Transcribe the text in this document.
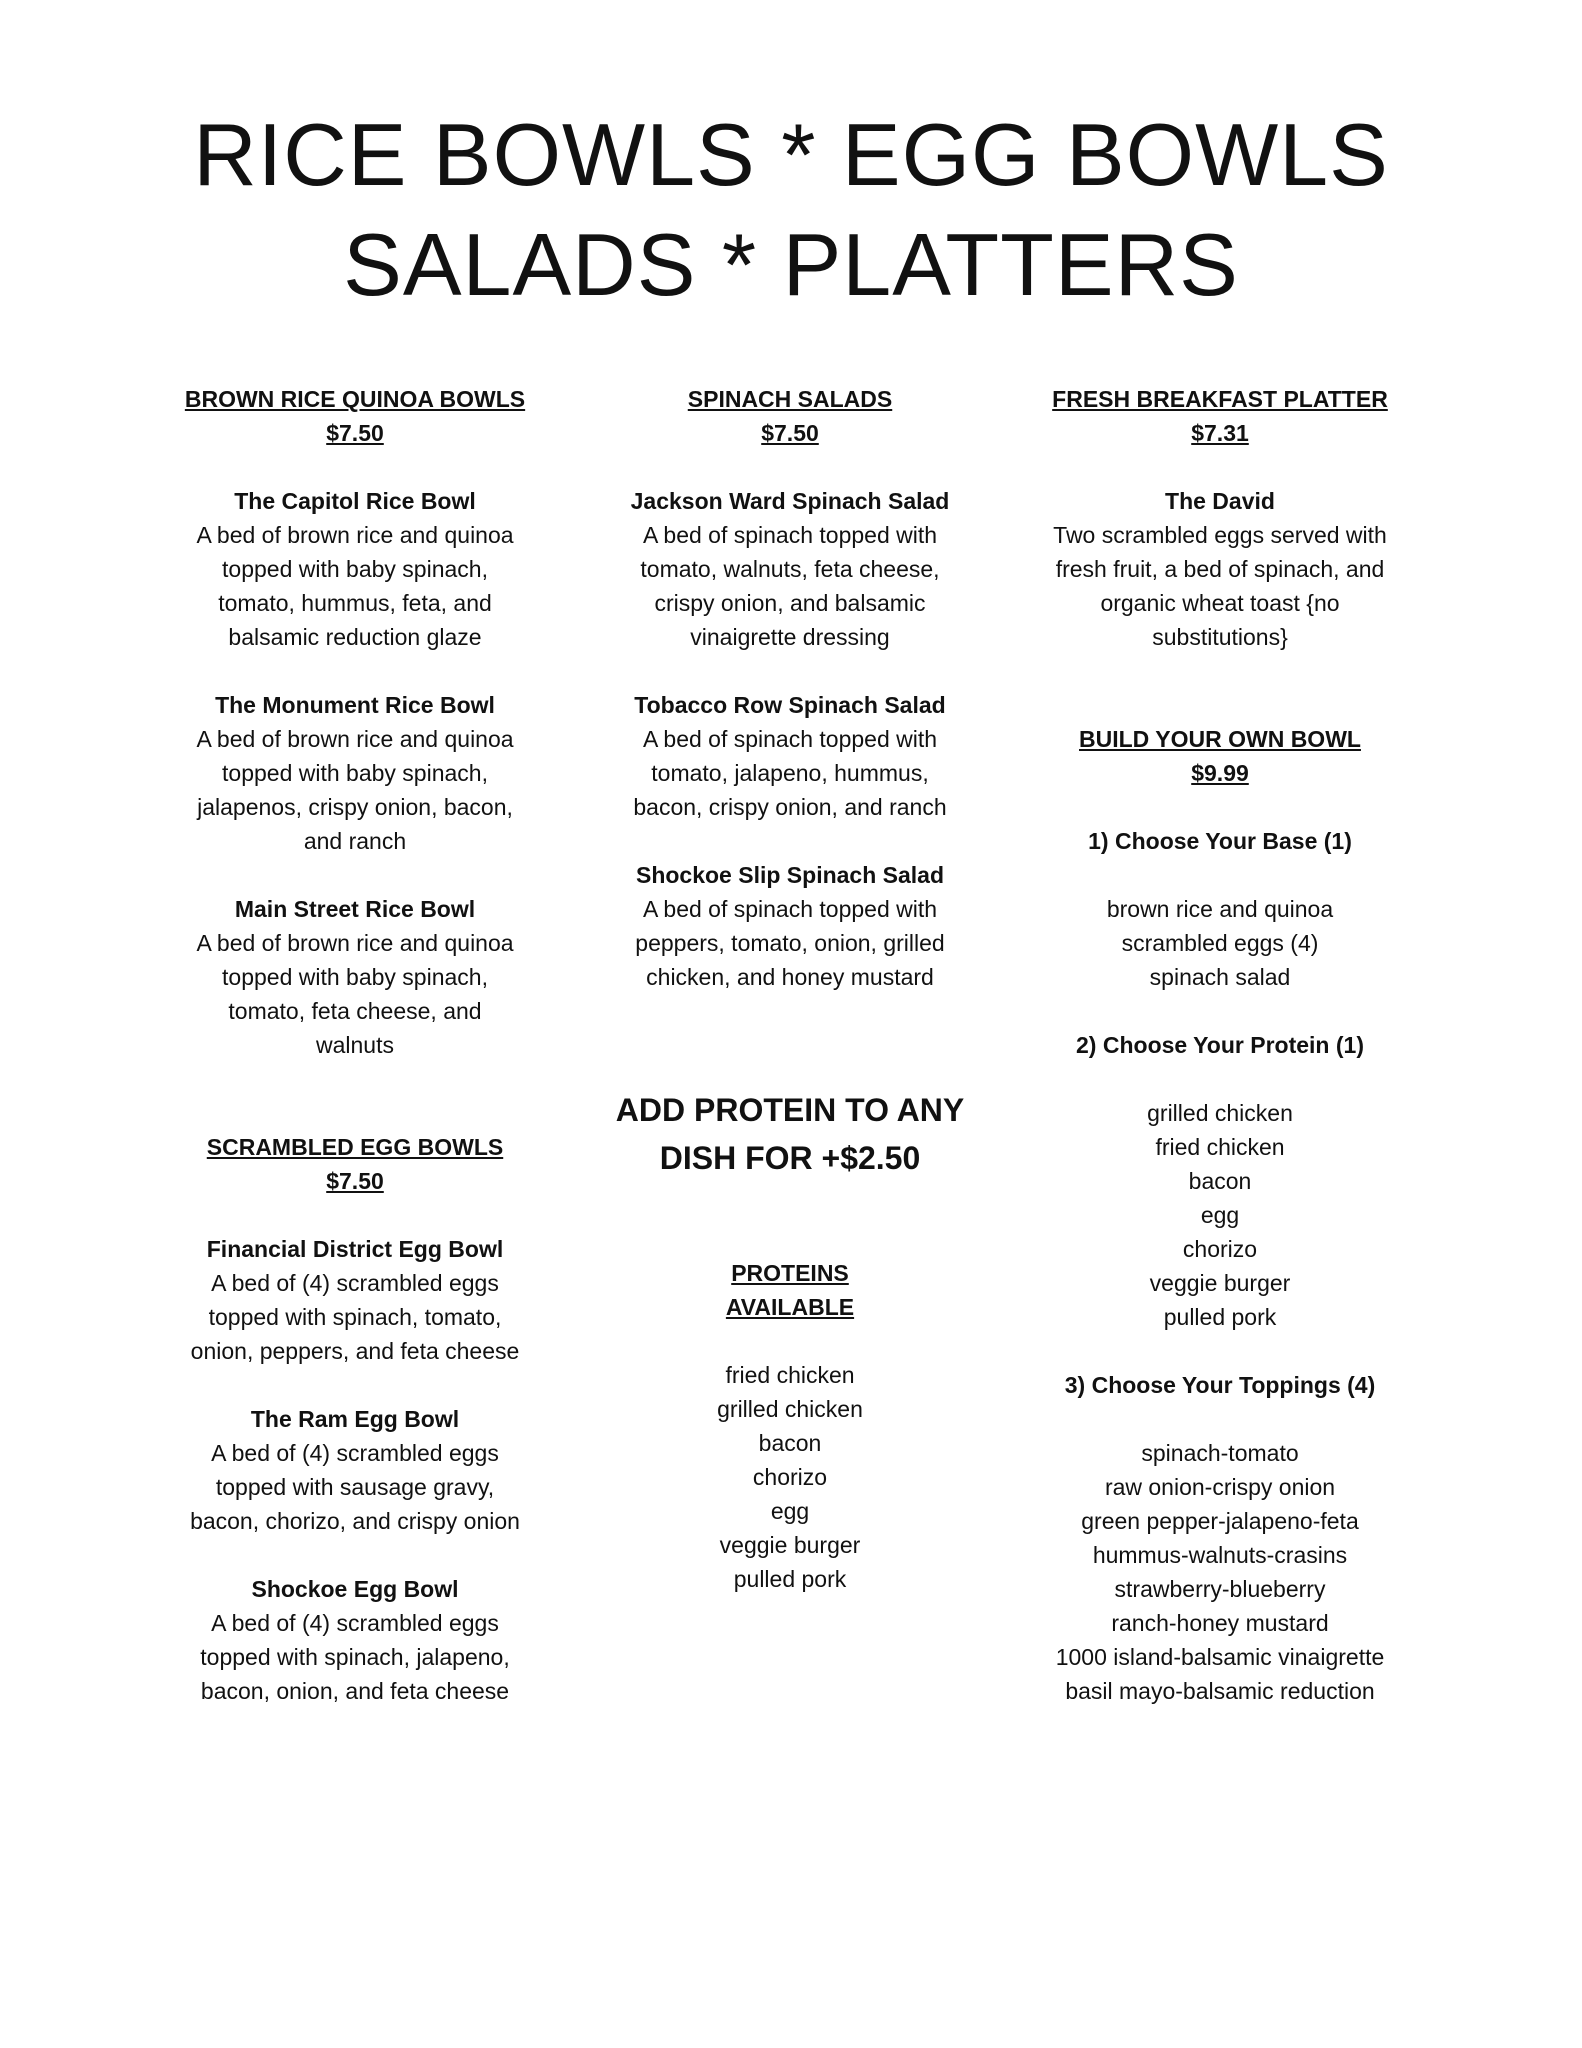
RICE BOWLS * EGG BOWLS
SALADS * PLATTERS
BROWN RICE QUINOA BOWLS
$7.50
The Capitol Rice Bowl
A bed of brown rice and quinoa
topped with baby spinach,
tomato, hummus, feta, and
balsamic reduction glaze
The Monument Rice Bowl
A bed of brown rice and quinoa
topped with baby spinach,
jalapenos, crispy onion, bacon,
and ranch
Main Street Rice Bowl
A bed of brown rice and quinoa
topped with baby spinach,
tomato, feta cheese, and
walnuts
SCRAMBLED EGG BOWLS
$7.50
Financial District Egg Bowl
A bed of (4) scrambled eggs
topped with spinach, tomato,
onion, peppers, and feta cheese
The Ram Egg Bowl
A bed of (4) scrambled eggs
topped with sausage gravy,
bacon, chorizo, and crispy onion
Shockoe Egg Bowl
A bed of (4) scrambled eggs
topped with spinach, jalapeno,
bacon, onion, and feta cheese
SPINACH SALADS
$7.50
Jackson Ward Spinach Salad
A bed of spinach topped with
tomato, walnuts, feta cheese,
crispy onion, and balsamic
vinaigrette dressing
Tobacco Row Spinach Salad
A bed of spinach topped with
tomato, jalapeno, hummus,
bacon, crispy onion, and ranch
Shockoe Slip Spinach Salad
A bed of spinach topped with
peppers, tomato, onion, grilled
chicken, and honey mustard
ADD PROTEIN TO ANY
DISH FOR +$2.50
PROTEINS
AVAILABLE
fried chicken
grilled chicken
bacon
chorizo
egg
veggie burger
pulled pork
FRESH BREAKFAST PLATTER
$7.31
The David
Two scrambled eggs served with
fresh fruit, a bed of spinach, and
organic wheat toast {no
substitutions}
BUILD YOUR OWN BOWL
$9.99
1) Choose Your Base (1)
brown rice and quinoa
scrambled eggs (4)
spinach salad
2) Choose Your Protein (1)
grilled chicken
fried chicken
bacon
egg
chorizo
veggie burger
pulled pork
3) Choose Your Toppings (4)
spinach-tomato
raw onion-crispy onion
green pepper-jalapeno-feta
hummus-walnuts-crasins
strawberry-blueberry
ranch-honey mustard
1000 island-balsamic vinaigrette
basil mayo-balsamic reduction
